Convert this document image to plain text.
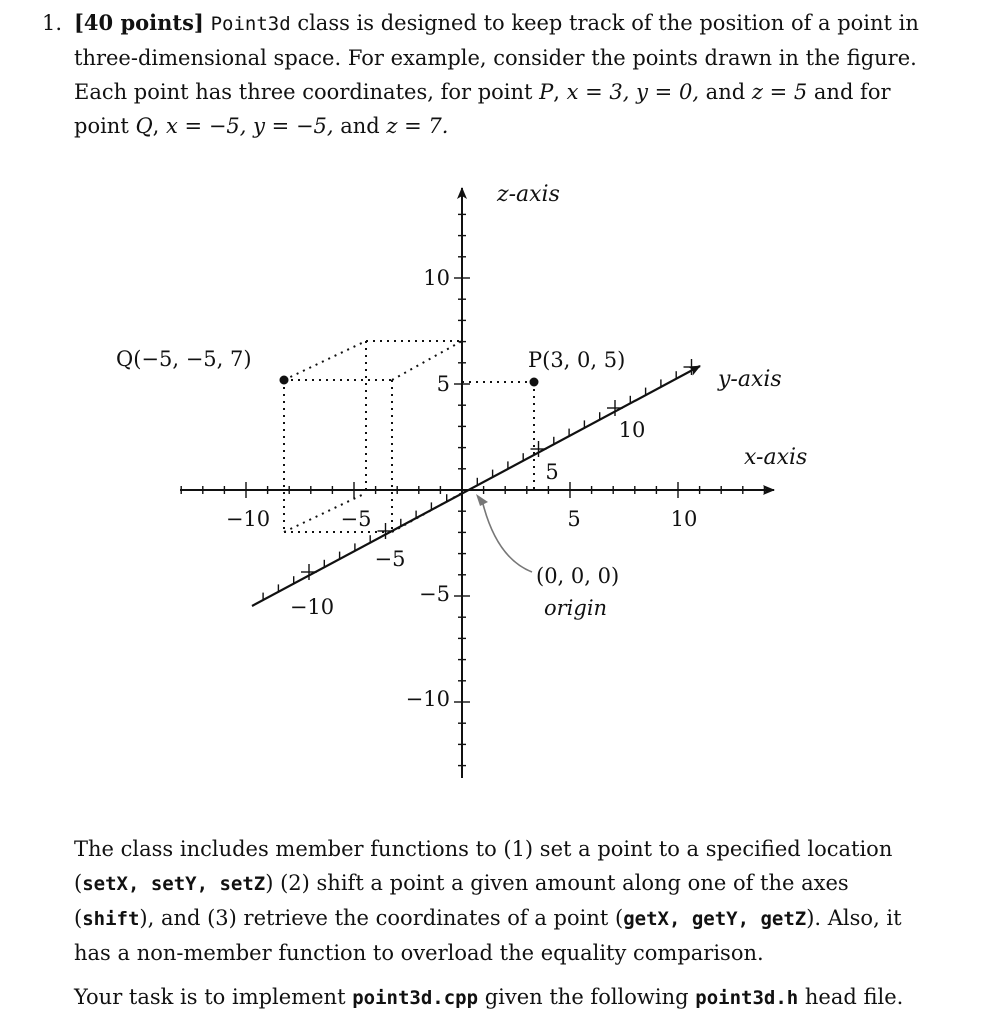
1. [40 points] Point3d class is designed to keep track of the position of a point in three-dimensional space. For example, consider the points drawn in the figure. Each point has three coordinates, for point P, x = 3, y = 0, and z = 5 and for point Q, x = −5, y = −5, and z = 7.
z-axis
y-axis
x-axis
10
5
−5
−10
−10	−5	5	10
−10
−5
5
10
Q(−5, −5, 7)	P(3, 0, 5)
(0, 0, 0)
origin
The class includes member functions to (1) set a point to a specified location (setX, setY, setZ) (2) shift a point a given amount along one of the axes (shift), and (3) retrieve the coordinates of a point (getX, getY, getZ). Also, it has a non-member function to overload the equality comparison.
Your task is to implement point3d.cpp given the following point3d.h head file.
